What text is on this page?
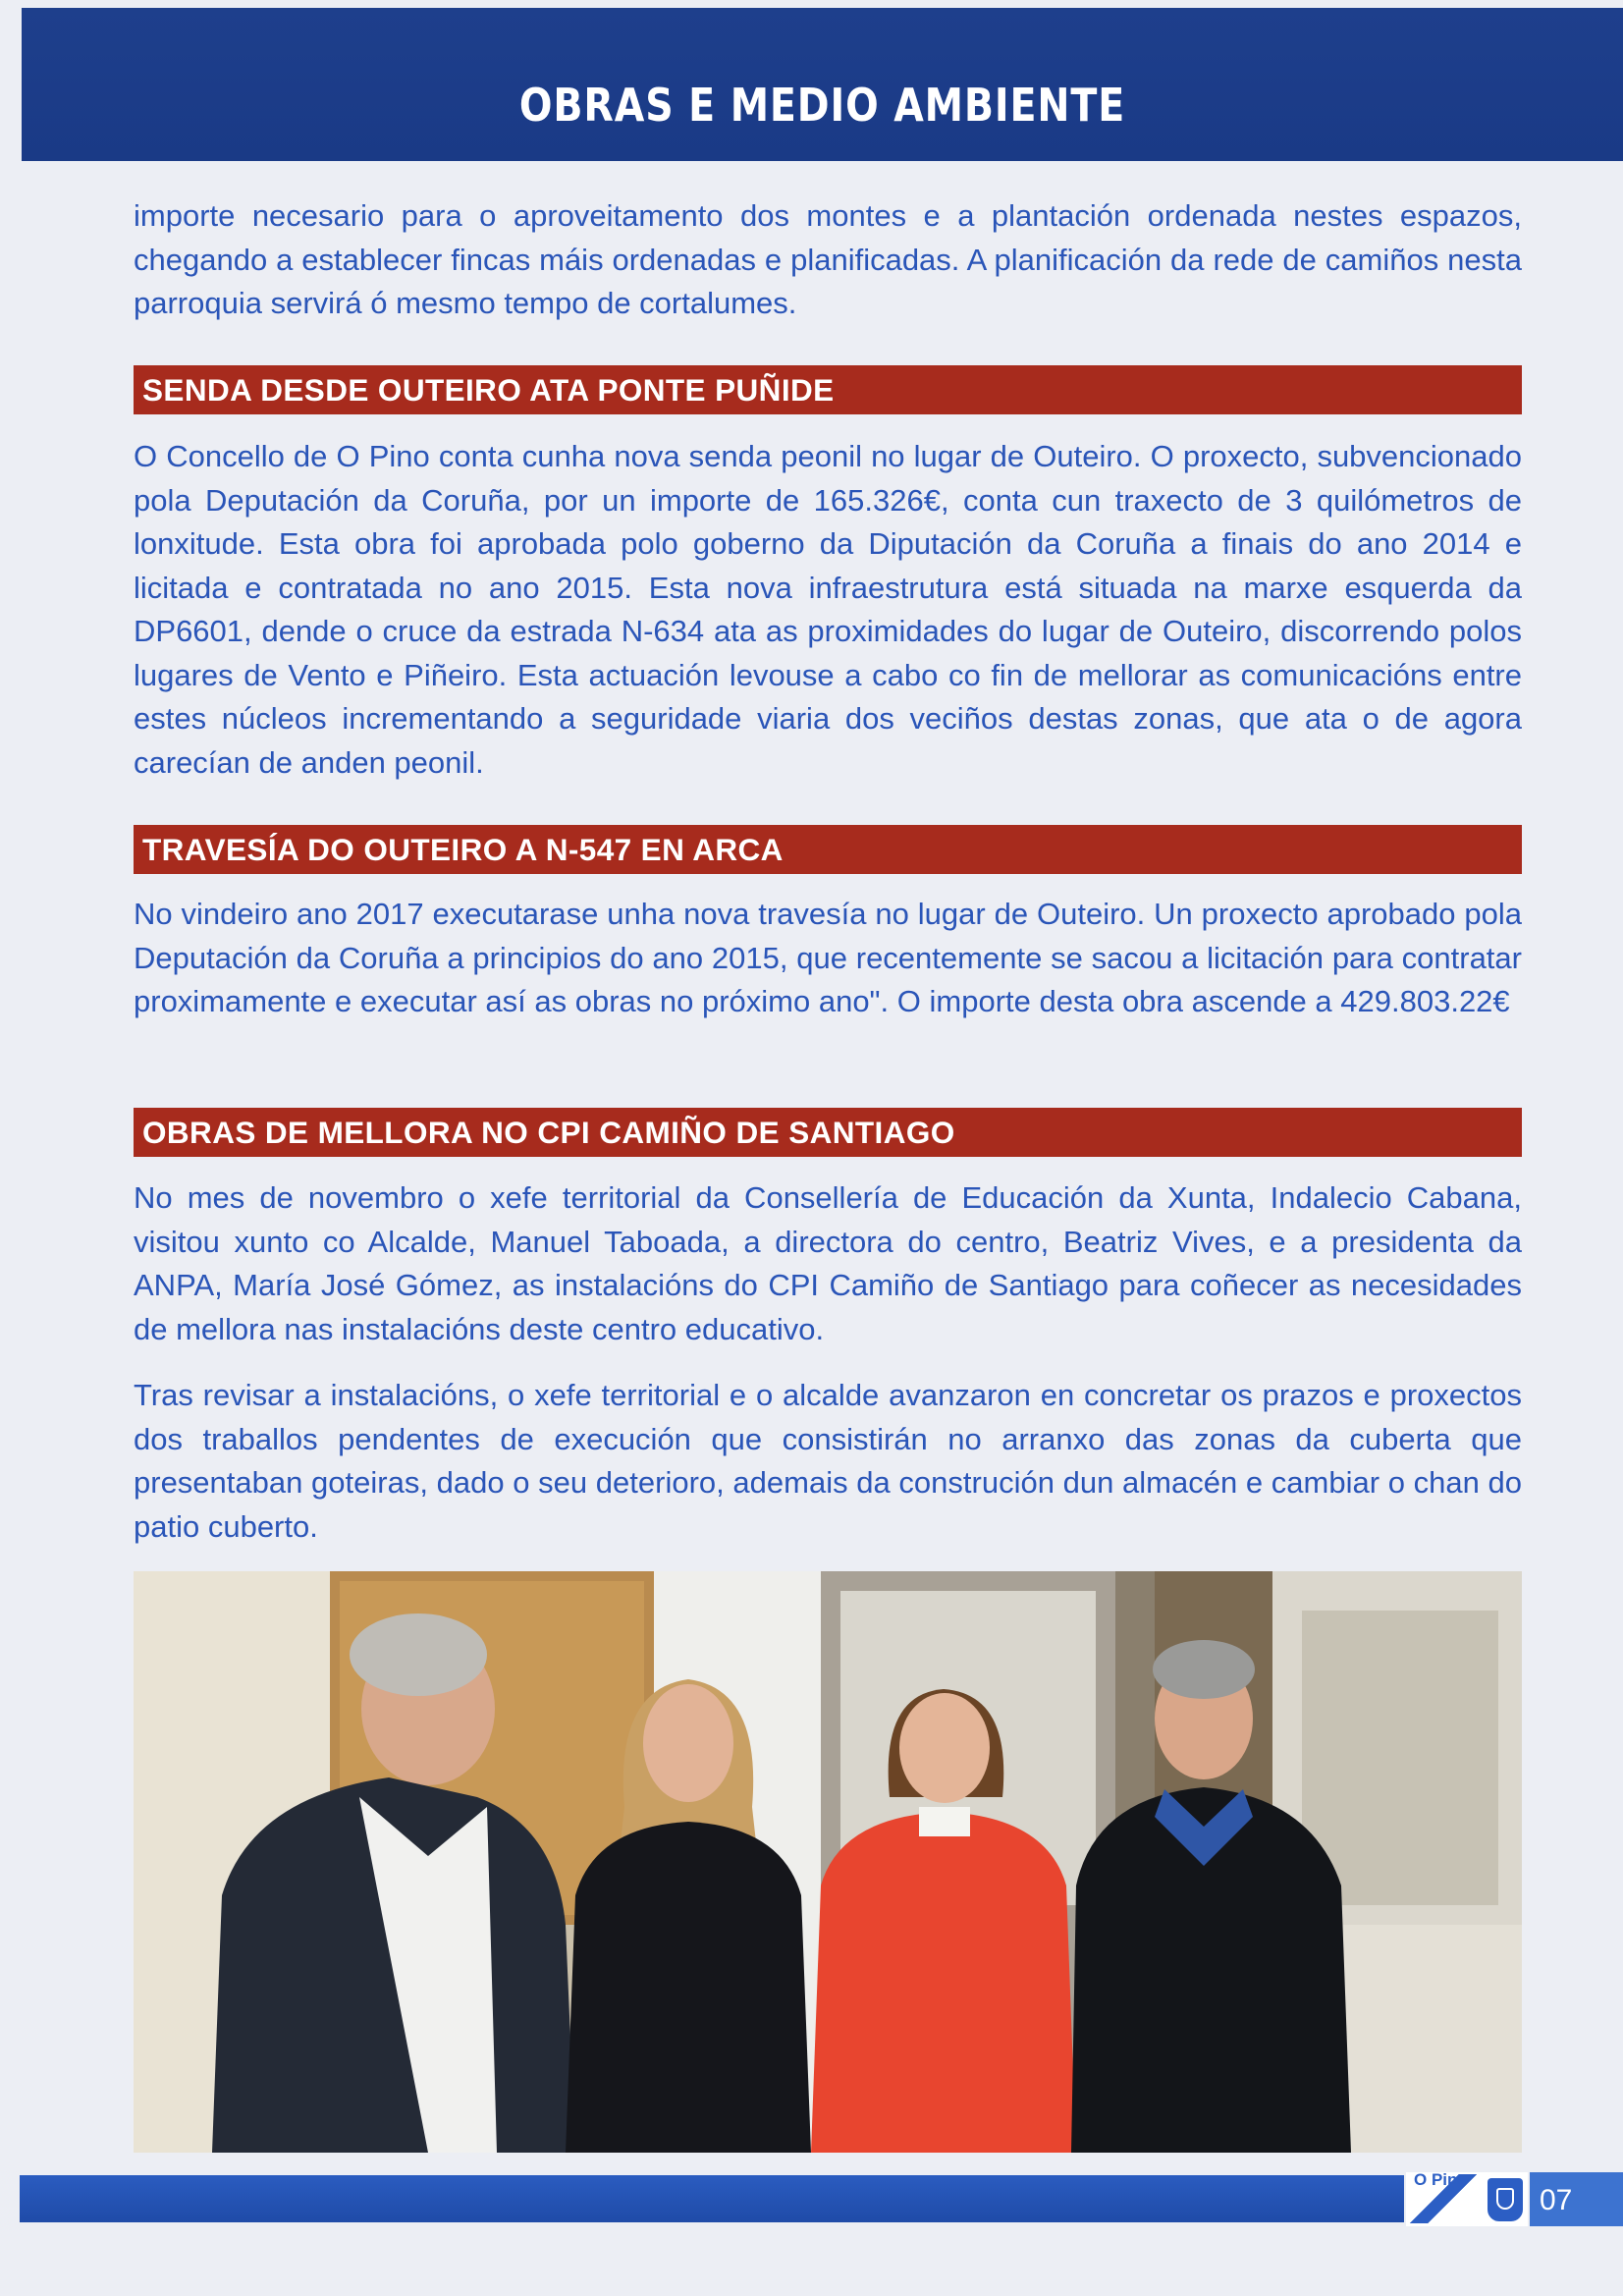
OBRAS E MEDIO AMBIENTE

importe necesario para o aproveitamento dos montes e a plantación ordenada nestes espazos, chegando a establecer fincas máis ordenadas e planificadas. A planificación da rede de camiños nesta parroquia servirá ó mesmo tempo de cortalumes.

SENDA DESDE OUTEIRO ATA PONTE PUÑIDE

O Concello de O Pino conta cunha nova senda peonil no lugar de Outeiro. O proxecto, subvencionado pola Deputación da Coruña, por un importe de 165.326€, conta cun traxecto de 3 quilómetros de lonxitude. Esta obra foi aprobada polo goberno da Diputación da Coruña a finais do ano 2014 e licitada e contratada no ano 2015. Esta nova infraestrutura está situada na marxe esquerda da DP6601, dende o cruce da estrada N-634 ata as proximidades do lugar de Outeiro, discorrendo polos lugares de Vento e Piñeiro. Esta actuación levouse a cabo co fin de mellorar as comunicacións entre estes núcleos incrementando a seguridade viaria dos veciños destas zonas, que ata o de agora carecían de anden peonil.

TRAVESÍA DO OUTEIRO A N-547 EN ARCA

No vindeiro ano 2017 executarase unha nova travesía no lugar de Outeiro. Un proxecto aprobado pola Deputación da Coruña a principios do ano 2015, que recentemente se sacou a licitación para contratar proximamente e executar así as obras no próximo ano". O importe desta obra ascende a 429.803.22€

OBRAS DE MELLORA NO CPI CAMIÑO DE SANTIAGO

No mes de novembro o xefe territorial da Consellería de Educación da Xunta, Indalecio Cabana, visitou xunto co Alcalde, Manuel Taboada, a directora do centro, Beatriz Vives, e a presidenta da ANPA, María José Gómez, as instalacións do CPI Camiño de Santiago para coñecer as necesidades de mellora nas instalacións deste centro educativo.

Tras revisar a instalacións, o xefe territorial e o alcalde avanzaron en concretar os prazos e proxectos dos traballos pendentes de execución que consistirán no arranxo das zonas da cuberta que presentaban goteiras, dado o seu deterioro, ademais da construción dun almacén e cambiar o chan do patio cuberto.

O Pino
07
